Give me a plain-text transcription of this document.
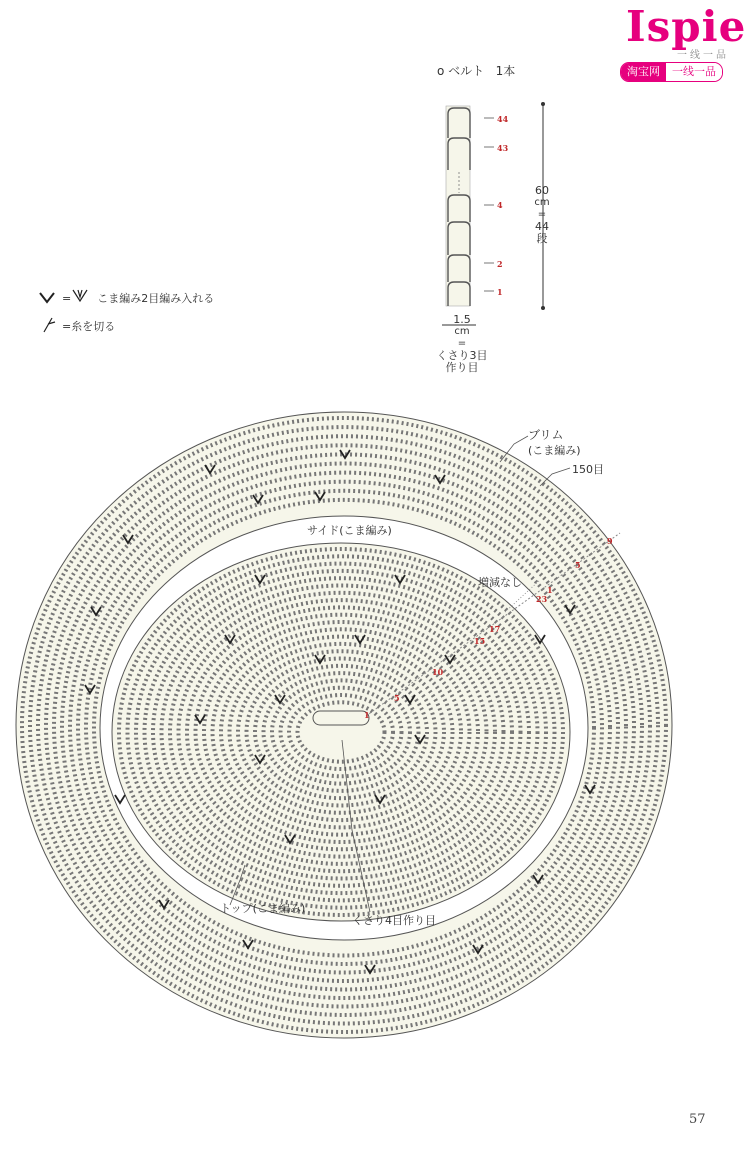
Ispie
一线一品
淘宝网	一线一品
o ベルト 1本
44
43
4
2
1
60
cm
=
44
段
1.5
cm
=
くさり3目
作り目
= こま編み2目編み入れる
=糸を切る
ブリム
(こま編み)
150目
サイド(こま編み)
増減なし
トップ(こま編み)
くさり4目作り目
9
5
1
23
17
15
10
5
1
57
